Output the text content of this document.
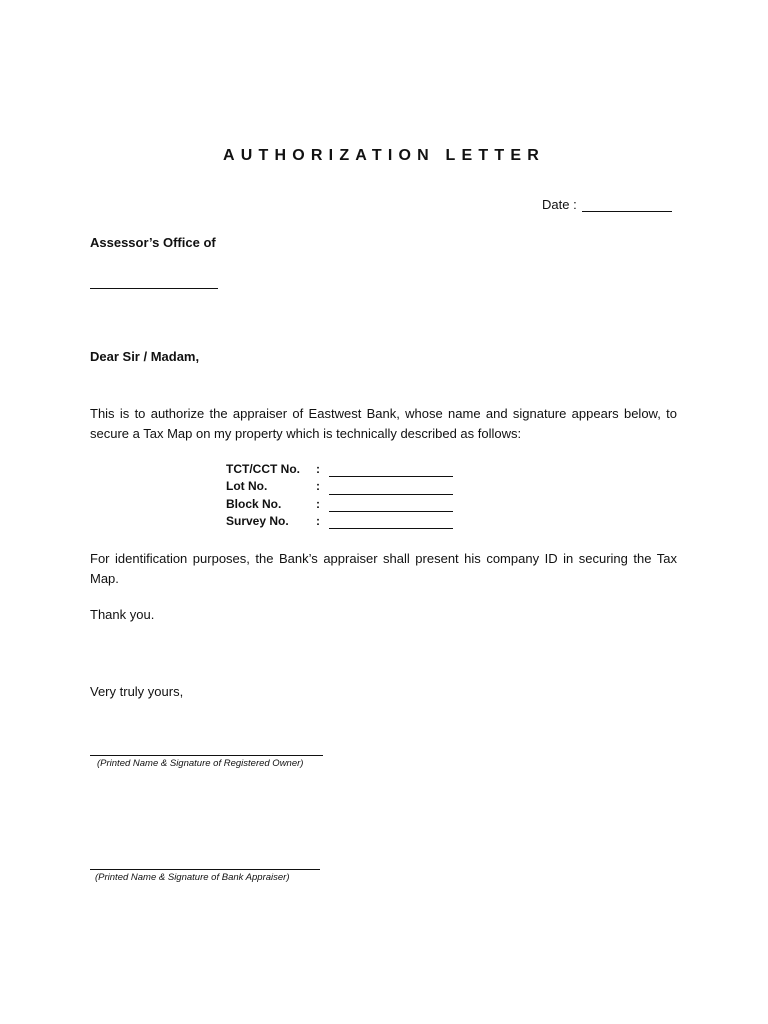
AUTHORIZATION LETTER
Date :
Assessor’s Office of
Dear Sir / Madam,
This is to authorize the appraiser of Eastwest Bank, whose name and signature appears below, to secure a Tax Map on my property which is technically described as follows:
TCT/CCT No. :
Lot No.	:
Block No.	:
Survey No. :
For identification purposes, the Bank’s appraiser shall present his company ID in securing the Tax Map.
Thank you.
Very truly yours,
(Printed Name & Signature of Registered Owner)
(Printed Name & Signature of Bank Appraiser)
